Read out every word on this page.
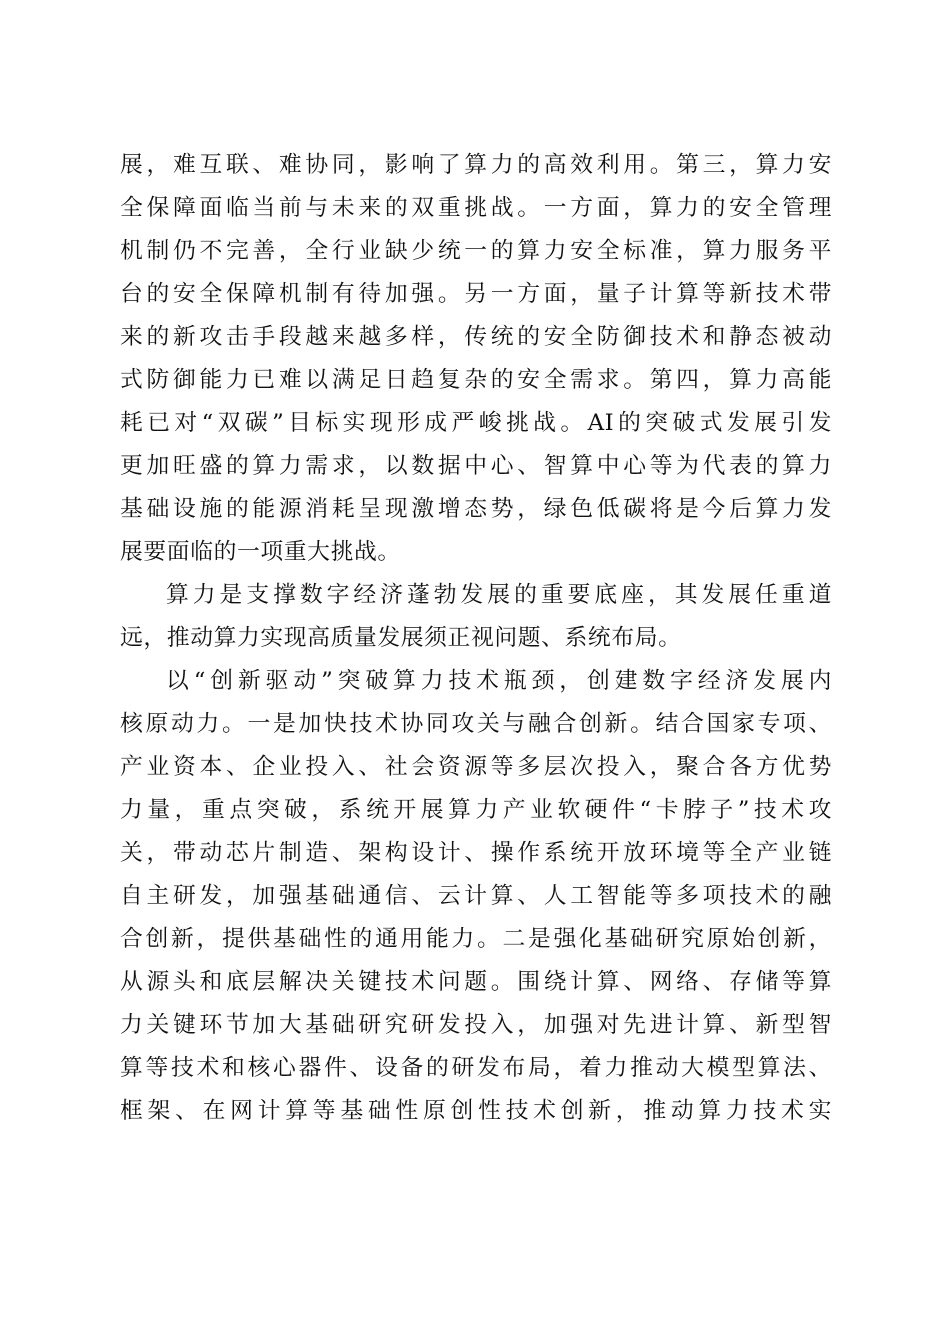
展，难互联、难协同，影响了算力的高效利用。第三，算力安
全保障面临当前与未来的双重挑战。一方面，算力的安全管理
机制仍不完善，全行业缺少统一的算力安全标准，算力服务平
台的安全保障机制有待加强。另一方面，量子计算等新技术带
来的新攻击手段越来越多样，传统的安全防御技术和静态被动
式防御能力已难以满足日趋复杂的安全需求。第四，算力高能
耗已对“双碳”目标实现形成严峻挑战。AI的突破式发展引发
更加旺盛的算力需求，以数据中心、智算中心等为代表的算力
基础设施的能源消耗呈现激增态势，绿色低碳将是今后算力发
展要面临的一项重大挑战。
算力是支撑数字经济蓬勃发展的重要底座，其发展任重道
远，推动算力实现高质量发展须正视问题、系统布局。
以“创新驱动”突破算力技术瓶颈，创建数字经济发展内
核原动力。一是加快技术协同攻关与融合创新。结合国家专项、
产业资本、企业投入、社会资源等多层次投入，聚合各方优势
力量，重点突破，系统开展算力产业软硬件“卡脖子”技术攻
关，带动芯片制造、架构设计、操作系统开放环境等全产业链
自主研发，加强基础通信、云计算、人工智能等多项技术的融
合创新，提供基础性的通用能力。二是强化基础研究原始创新，
从源头和底层解决关键技术问题。围绕计算、网络、存储等算
力关键环节加大基础研究研发投入，加强对先进计算、新型智
算等技术和核心器件、设备的研发布局，着力推动大模型算法、
框架、在网计算等基础性原创性技术创新，推动算力技术实
